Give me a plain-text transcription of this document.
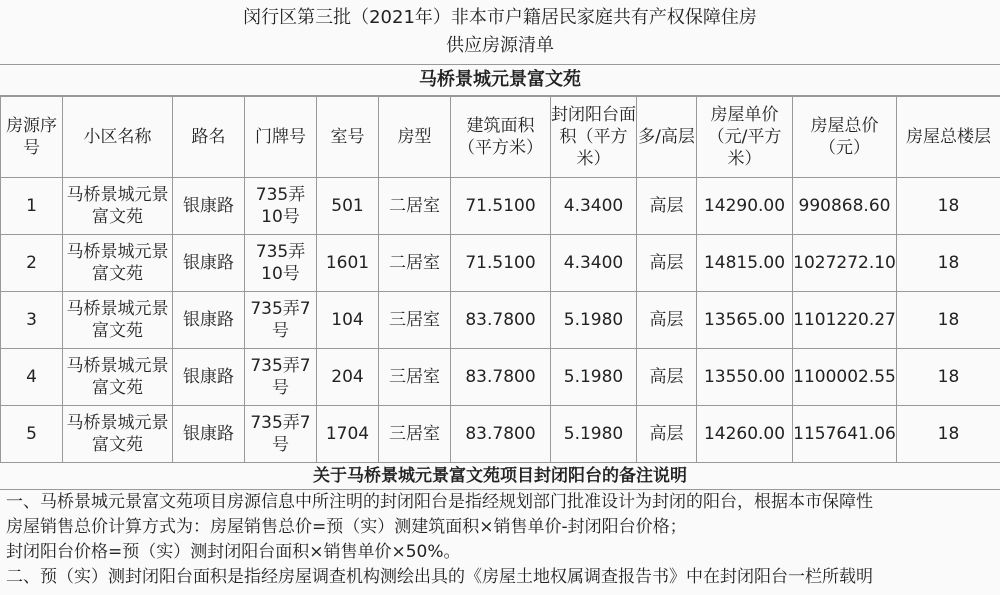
闵行区第三批（2021年）非本市户籍居民家庭共有产权保障住房
供应房源清单
马桥景城元景富文苑
房源序号	小区名称	路名	门牌号	室号	房型	建筑面积（平方米）	封闭阳台面积（平方米）	多/高层	房屋单价（元/平方米）	房屋总价（元）	房屋总楼层
1	马桥景城元景富文苑	银康路	735弄10号	501	二居室	71.5100	4.3400	高层	14290.00	990868.60	18
2	马桥景城元景富文苑	银康路	735弄10号	1601	二居室	71.5100	4.3400	高层	14815.00	1027272.10	18
3	马桥景城元景富文苑	银康路	735弄7号	104	三居室	83.7800	5.1980	高层	13565.00	1101220.27	18
4	马桥景城元景富文苑	银康路	735弄7号	204	三居室	83.7800	5.1980	高层	13550.00	1100002.55	18
5	马桥景城元景富文苑	银康路	735弄7号	1704	三居室	83.7800	5.1980	高层	14260.00	1157641.06	18
关于马桥景城元景富文苑项目封闭阳台的备注说明
一、马桥景城元景富文苑项目房源信息中所注明的封闭阳台是指经规划部门批准设计为封闭的阳台，根据本市保障性
房屋销售总价计算方式为：房屋销售总价=预（实）测建筑面积×销售单价-封闭阳台价格；
封闭阳台价格=预（实）测封闭阳台面积×销售单价×50%。
二、预（实）测封闭阳台面积是指经房屋调查机构测绘出具的《房屋土地权属调查报告书》中在封闭阳台一栏所载明
